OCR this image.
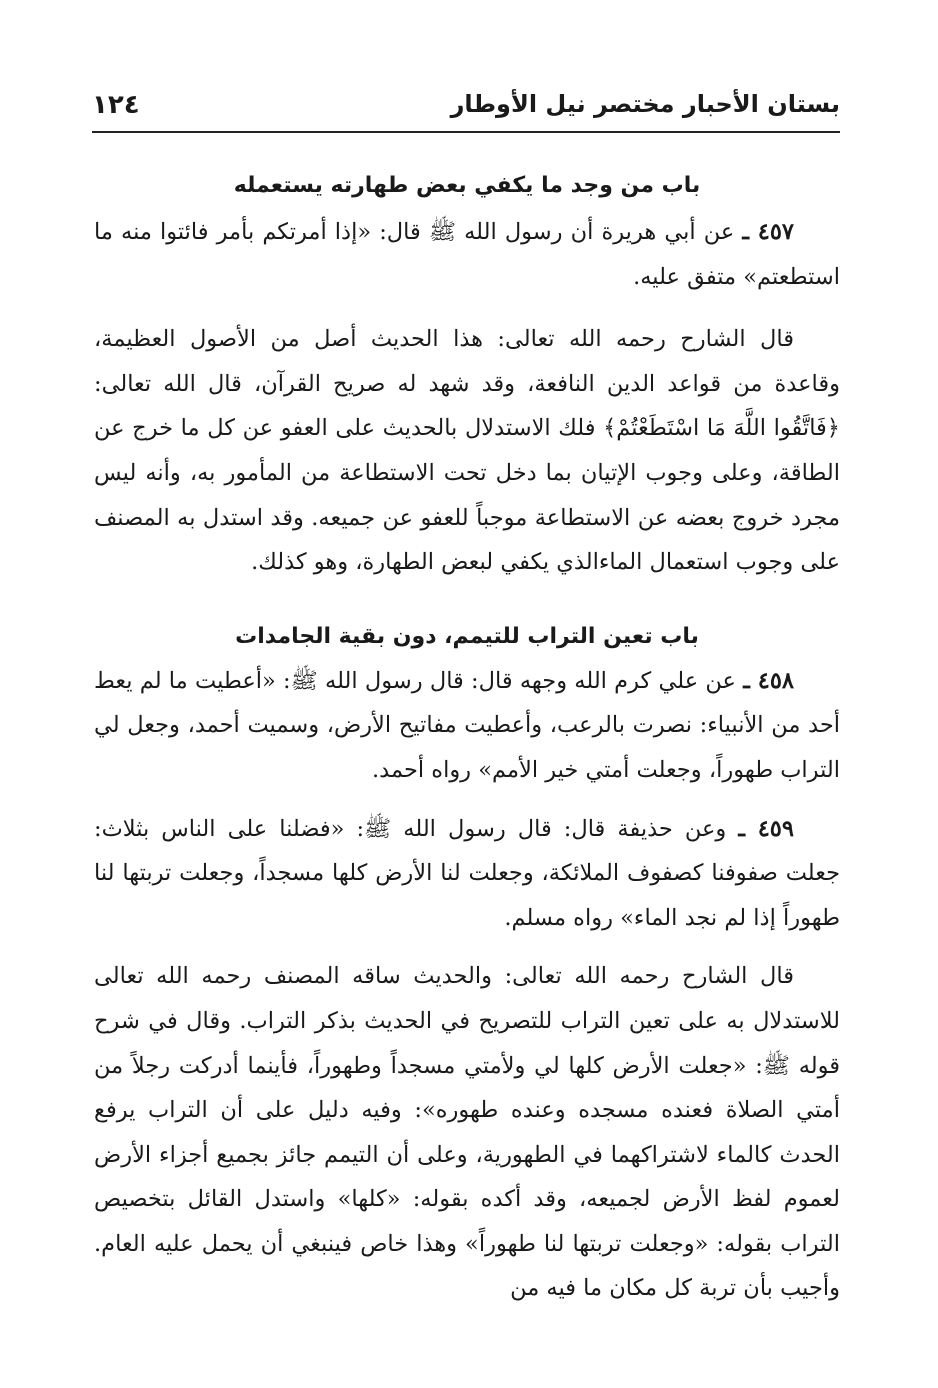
بستان الأحبار مختصر نيل الأوطار
١٢٤

باب من وجد ما يكفي بعض طهارته يستعمله

٤٥٧ ـ عن أبي هريرة أن رسول الله ﷺ قال: «إذا أمرتكم بأمر فائتوا منه ما استطعتم» متفق عليه.

قال الشارح رحمه الله تعالى: هذا الحديث أصل من الأصول العظيمة، وقاعدة من قواعد الدين النافعة، وقد شهد له صريح القرآن، قال الله تعالى: ﴿فَاتَّقُوا اللَّهَ مَا اسْتَطَعْتُمْ﴾ فلك الاستدلال بالحديث على العفو عن كل ما خرج عن الطاقة، وعلى وجوب الإتيان بما دخل تحت الاستطاعة من المأمور به، وأنه ليس مجرد خروج بعضه عن الاستطاعة موجباً للعفو عن جميعه. وقد استدل به المصنف على وجوب استعمال الماءالذي يكفي لبعض الطهارة، وهو كذلك.

باب تعين التراب للتيمم، دون بقية الجامدات

٤٥٨ ـ عن علي كرم الله وجهه قال: قال رسول الله ﷺ: «أعطيت ما لم يعط أحد من الأنبياء: نصرت بالرعب، وأعطيت مفاتيح الأرض، وسميت أحمد، وجعل لي التراب طهوراً، وجعلت أمتي خير الأمم» رواه أحمد.

٤٥٩ ـ وعن حذيفة قال: قال رسول الله ﷺ: «فضلنا على الناس بثلاث: جعلت صفوفنا كصفوف الملائكة، وجعلت لنا الأرض كلها مسجداً، وجعلت تربتها لنا طهوراً إذا لم نجد الماء» رواه مسلم.

قال الشارح رحمه الله تعالى: والحديث ساقه المصنف رحمه الله تعالى للاستدلال به على تعين التراب للتصريح في الحديث بذكر التراب. وقال في شرح قوله ﷺ: «جعلت الأرض كلها لي ولأمتي مسجداً وطهوراً، فأينما أدركت رجلاً من أمتي الصلاة فعنده مسجده وعنده طهوره»: وفيه دليل على أن التراب يرفع الحدث كالماء لاشتراكهما في الطهورية، وعلى أن التيمم جائز بجميع أجزاء الأرض لعموم لفظ الأرض لجميعه، وقد أكده بقوله: «كلها» واستدل القائل بتخصيص التراب بقوله: «وجعلت تربتها لنا طهوراً» وهذا خاص فينبغي أن يحمل عليه العام. وأجيب بأن تربة كل مكان ما فيه من
